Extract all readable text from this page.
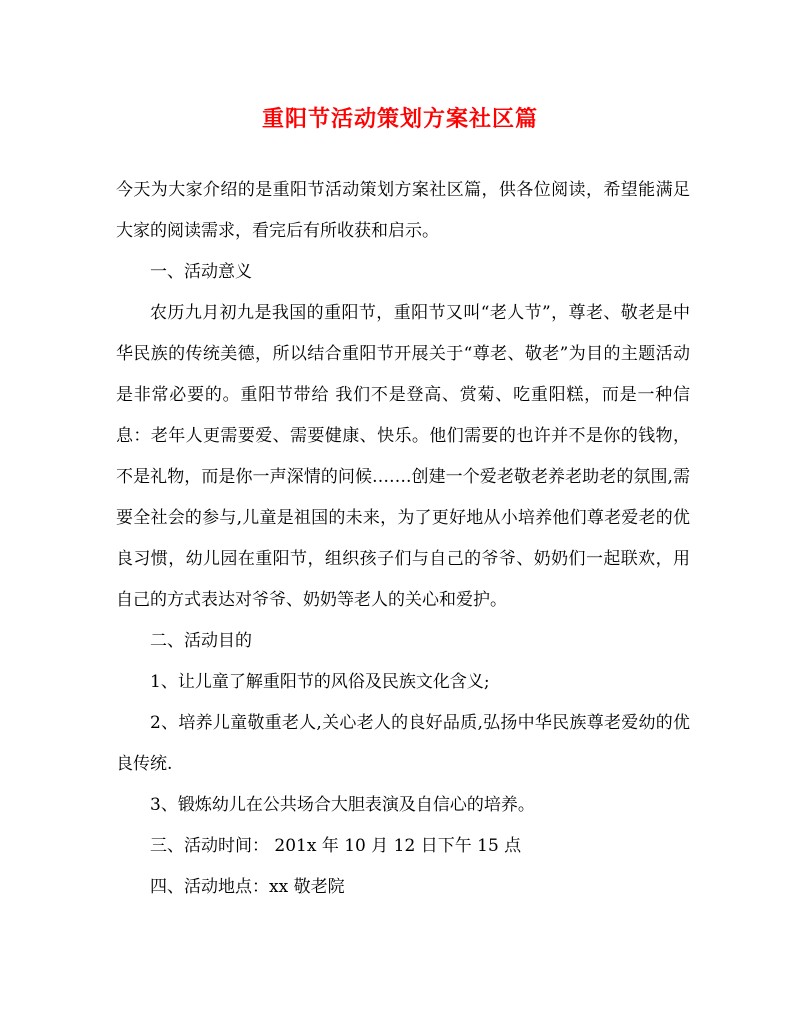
重阳节活动策划方案社区篇

今天为大家介绍的是重阳节活动策划方案社区篇，供各位阅读，希望能满足大家的阅读需求，看完后有所收获和启示。

一、活动意义

农历九月初九是我国的重阳节，重阳节又叫“老人节”，尊老、敬老是中华民族的传统美德，所以结合重阳节开展关于“尊老、敬老”为目的主题活动是非常必要的。重阳节带给 我们不是登高、赏菊、吃重阳糕，而是一种信息：老年人更需要爱、需要健康、快乐。他们需要的也许并不是你的钱物，不是礼物，而是你一声深情的问候…….创建一个爱老敬老养老助老的氛围,需要全社会的参与,儿童是祖国的未来，为了更好地从小培养他们尊老爱老的优良习惯，幼儿园在重阳节，组织孩子们与自己的爷爷、奶奶们一起联欢，用自己的方式表达对爷爷、奶奶等老人的关心和爱护。

二、活动目的

1、让儿童了解重阳节的风俗及民族文化含义;

2、培养儿童敬重老人,关心老人的良好品质,弘扬中华民族尊老爱幼的优良传统.

3、锻炼幼儿在公共场合大胆表演及自信心的培养。

三、活动时间： 201x 年 10 月 12 日下午 15 点

四、活动地点：xx 敬老院
